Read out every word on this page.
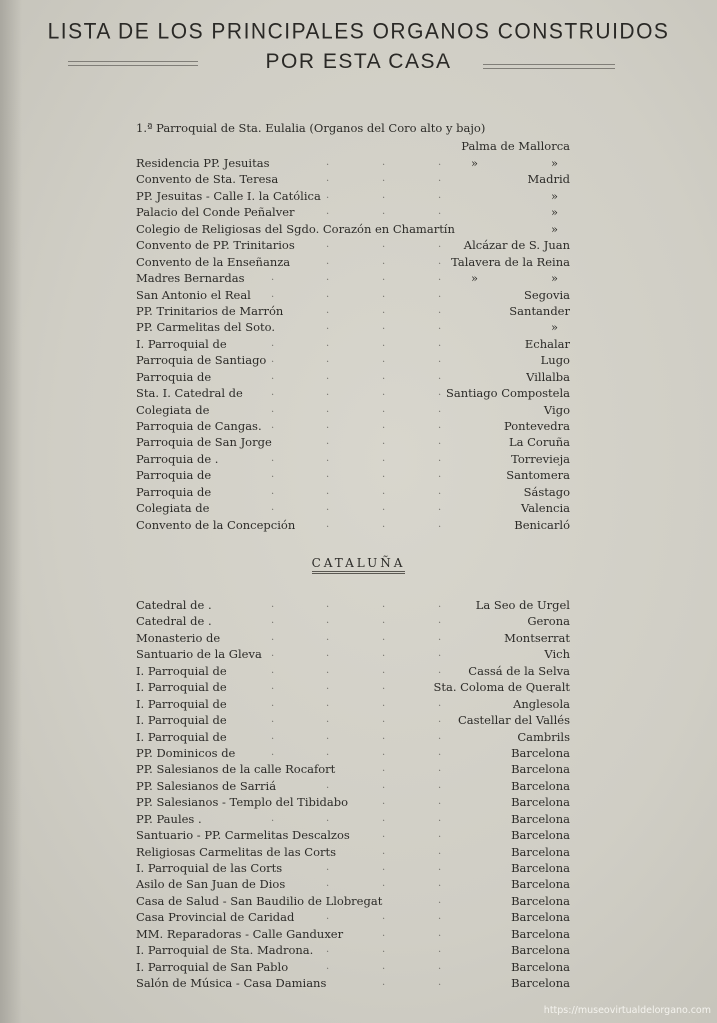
LISTA DE LOS PRINCIPALES ORGANOS CONSTRUIDOS
POR ESTA CASA
1.ª Parroquial de Sta. Eulalia (Organos del Coro alto y bajo)
Palma de Mallorca
.	.	.
Residencia PP. Jesuitas	»	»
.	.	.
Convento de Sta. Teresa	Madrid
.	.	.
PP. Jesuitas - Calle I. la Católica	»
.	.	.
Palacio del Conde Peñalver	»
Colegio de Religiosas del Sgdo. Corazón en Chamartín	»
.	.	.
Convento de PP. Trinitarios	Alcázar de S. Juan
.	.	.
Convento de la Enseñanza	Talavera de la Reina
.	.	.	.
Madres Bernardas	»	»
.	.	.	.
San Antonio el Real	Segovia
.	.	.
PP. Trinitarios de Marrón	Santander
.	.	.
PP. Carmelitas del Soto.	»
.	.	.	.
I. Parroquial de	Echalar
.	.	.	.
Parroquia de Santiago	Lugo
.	.	.	.
Parroquia de	Villalba
.	.	.	.
Sta. I. Catedral de	Santiago Compostela
.	.	.	.
Colegiata de	Vigo
.	.	.	.
Parroquia de Cangas.	Pontevedra
.	.	.
Parroquia de San Jorge	La Coruña
.	.	.	.
Parroquia de .	Torrevieja
.	.	.	.
Parroquia de	Santomera
.	.	.	.
Parroquia de	Sástago
.	.	.	.
Colegiata de	Valencia
.	.	.
Convento de la Concepción	Benicarló
CATALUÑA
.	.	.	.
Catedral de .	La Seo de Urgel
.	.	.	.
Catedral de .	Gerona
.	.	.	.
Monasterio de	Montserrat
.	.	.	.
Santuario de la Gleva	Vich
.	.	.	.
I. Parroquial de	Cassá de la Selva
.	.	.
I. Parroquial de	Sta. Coloma de Queralt
.	.	.	.
I. Parroquial de	Anglesola
.	.	.	.
I. Parroquial de	Castellar del Vallés
.	.	.	.
I. Parroquial de	Cambrils
.	.	.	.
PP. Dominicos de	Barcelona
.	.
PP. Salesianos de la calle Rocafort	Barcelona
.	.	.
PP. Salesianos de Sarriá	Barcelona
.	.
PP. Salesianos - Templo del Tibidabo	Barcelona
.	.	.	.
PP. Paules .	Barcelona
.	.
Santuario - PP. Carmelitas Descalzos	Barcelona
.	.
Religiosas Carmelitas de las Corts	Barcelona
.	.	.
I. Parroquial de las Corts	Barcelona
.	.	.
Asilo de San Juan de Dios	Barcelona
.
Casa de Salud - San Baudilio de Llobregat	Barcelona
.	.	.
Casa Provincial de Caridad	Barcelona
.	.
MM. Reparadoras - Calle Ganduxer	Barcelona
.	.	.
I. Parroquial de Sta. Madrona.	Barcelona
.	.	.
I. Parroquial de San Pablo	Barcelona
.	.
Salón de Música - Casa Damians	Barcelona
https://museovirtualdelorgano.com
